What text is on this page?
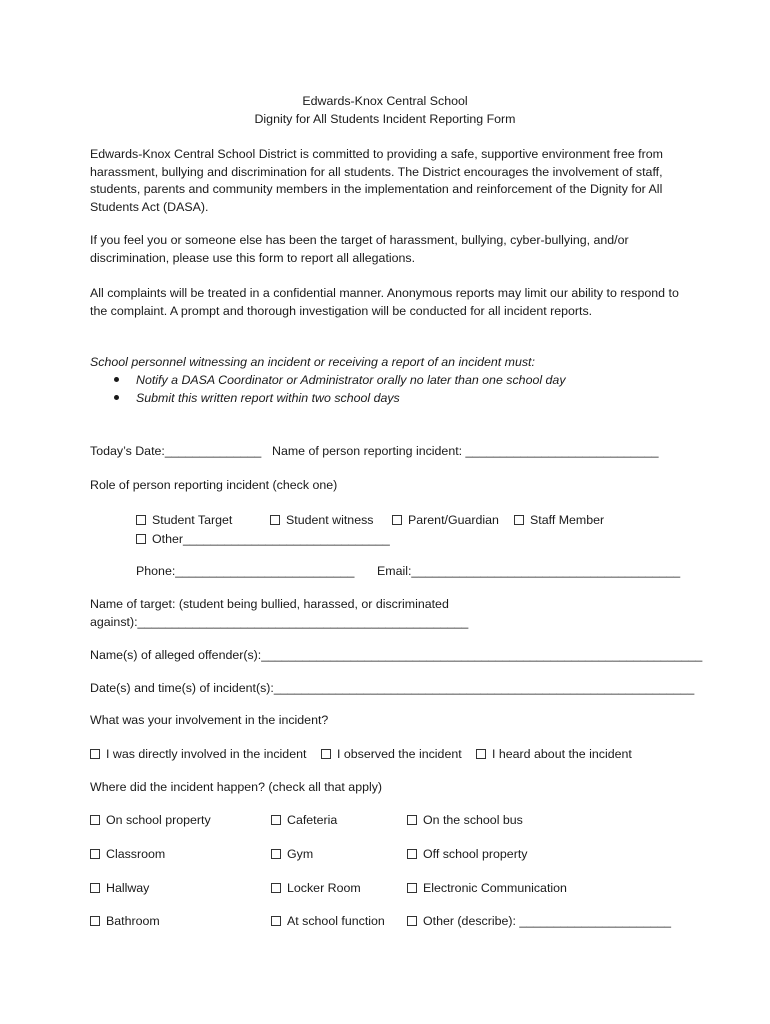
Edwards-Knox Central School
Dignity for All Students Incident Reporting Form
Edwards-Knox Central School District is committed to providing a safe, supportive environment free from harassment, bullying and discrimination for all students. The District encourages the involvement of staff, students, parents and community members in the implementation and reinforcement of the Dignity for All Students Act (DASA).
If you feel you or someone else has been the target of harassment, bullying, cyber-bullying, and/or discrimination, please use this form to report all allegations.
All complaints will be treated in a confidential manner. Anonymous reports may limit our ability to respond to the complaint. A prompt and thorough investigation will be conducted for all incident reports.
School personnel witnessing an incident or receiving a report of an incident must:
Notify a DASA Coordinator or Administrator orally no later than one school day
Submit this written report within two school days
Today’s Date:______________ Name of person reporting incident: ____________________________
Role of person reporting incident (check one)
Student Target	Student witness	Parent/Guardian	Staff Member
Other______________________________
Phone:__________________________ Email:_______________________________________
Name of target: (student being bullied, harassed, or discriminated
against):________________________________________________
Name(s) of alleged offender(s):________________________________________________________________
Date(s) and time(s) of incident(s):_____________________________________________________________
What was your involvement in the incident?
I was directly involved in the incident	I observed the incident	I heard about the incident
Where did the incident happen? (check all that apply)
On school property	Cafeteria	On the school bus
Classroom	Gym	Off school property
Hallway	Locker Room	Electronic Communication
Bathroom	At school function	Other (describe): ______________________
